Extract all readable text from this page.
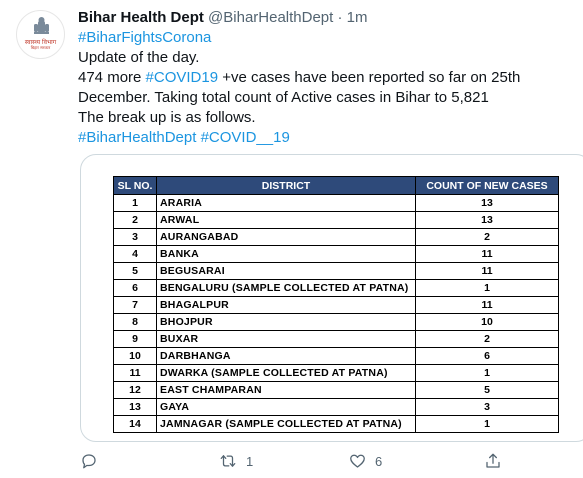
स्वास्थ्य विभाग
बिहार सरकार
Bihar Health Dept @BiharHealthDept · 1m
#BiharFightsCorona
Update of the day.
474 more #COVID19 +ve cases have been reported so far on 25th
December. Taking total count of Active cases in Bihar to 5,821
The break up is as follows.
#BiharHealthDept #COVID__19
SL NO.	DISTRICT	COUNT OF NEW CASES
1	ARARIA	13
2	ARWAL	13
3	AURANGABAD	2
4	BANKA	11
5	BEGUSARAI	11
6	BENGALURU (SAMPLE COLLECTED AT PATNA)	1
7	BHAGALPUR	11
8	BHOJPUR	10
9	BUXAR	2
10	DARBHANGA	6
11	DWARKA (SAMPLE COLLECTED AT PATNA)	1
12	EAST CHAMPARAN	5
13	GAYA	3
14	JAMNAGAR (SAMPLE COLLECTED AT PATNA)	1
1	6
